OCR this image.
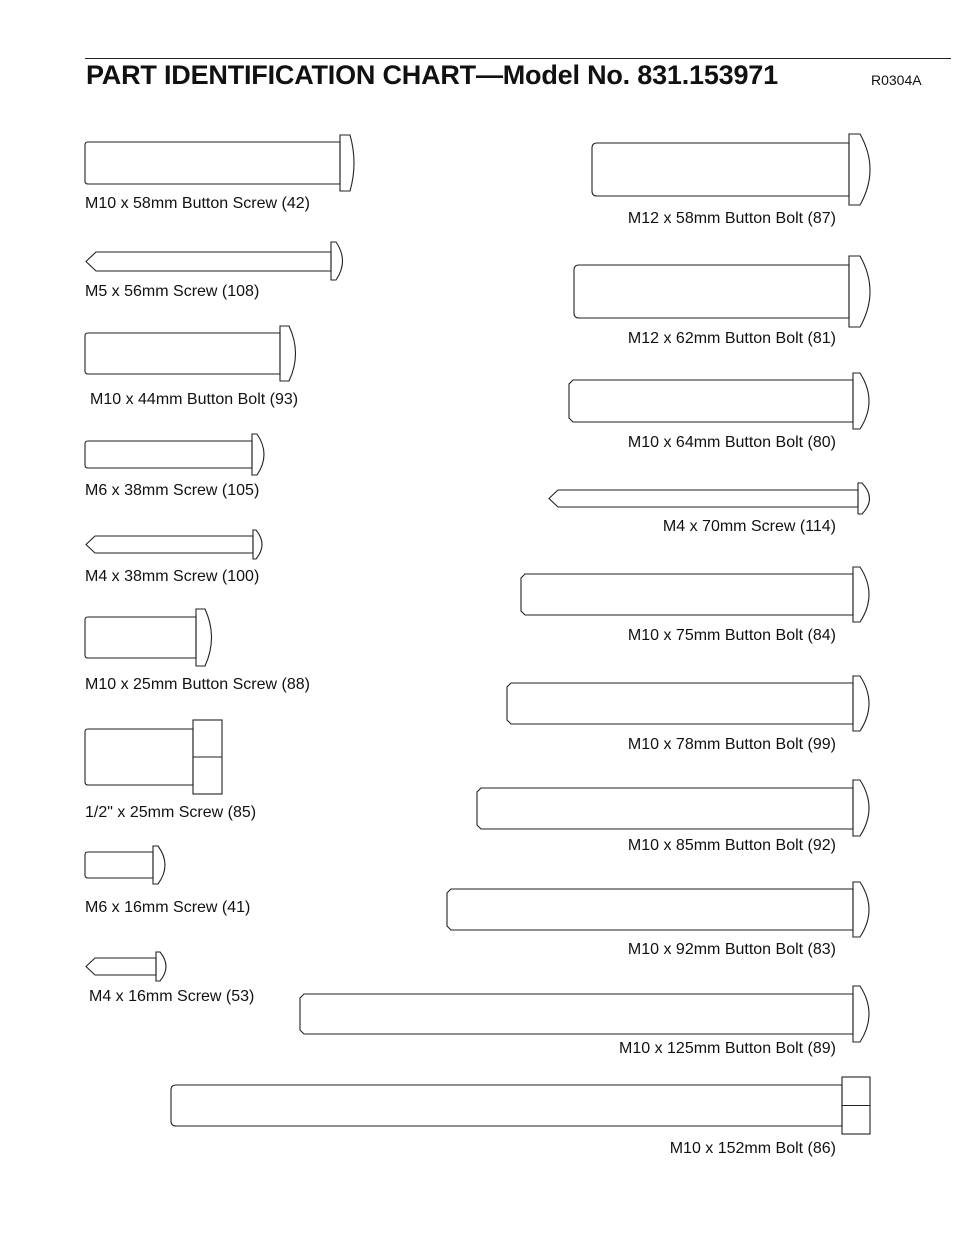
PART IDENTIFICATION CHART—Model No. 831.153971	R0304A
M10 x 58mm Button Screw (42)
M5 x 56mm Screw (108)
M10 x 44mm Button Bolt (93)
M6 x 38mm Screw (105)
M4 x 38mm Screw (100)
M10 x 25mm Button Screw (88)
1/2" x 25mm Screw (85)
M6 x 16mm Screw (41)
M4 x 16mm Screw (53)
M12 x 58mm Button Bolt (87)
M12 x 62mm Button Bolt (81)
M10 x 64mm Button Bolt (80)
M4 x 70mm Screw (114)
M10 x 75mm Button Bolt (84)
M10 x 78mm Button Bolt (99)
M10 x 85mm Button Bolt (92)
M10 x 92mm Button Bolt (83)
M10 x 125mm Button Bolt (89)
M10 x 152mm Bolt (86)
